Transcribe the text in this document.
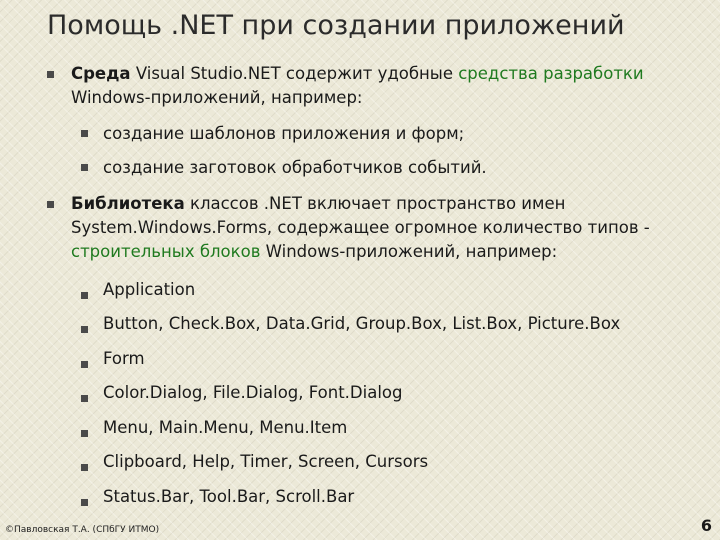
Помощь .NET при создании приложений
Среда Visual Studio.NET содержит удобные средства разработки Windows-приложений, например:
создание шаблонов приложения и форм;
создание заготовок обработчиков событий.
Библиотека классов .NET включает пространство имен System.Windows.Forms, содержащее огромное количество типов - строительных блоков Windows-приложений, например:
Application
Button, Check.Box, Data.Grid, Group.Box, List.Box, Picture.Box
Form
Color.Dialog, File.Dialog, Font.Dialog
Menu, Main.Menu, Menu.Item
Clipboard, Help, Timer, Screen, Cursors
Status.Bar, Tool.Bar, Scroll.Bar
©Павловская Т.А. (СПбГУ ИТМО)	6
